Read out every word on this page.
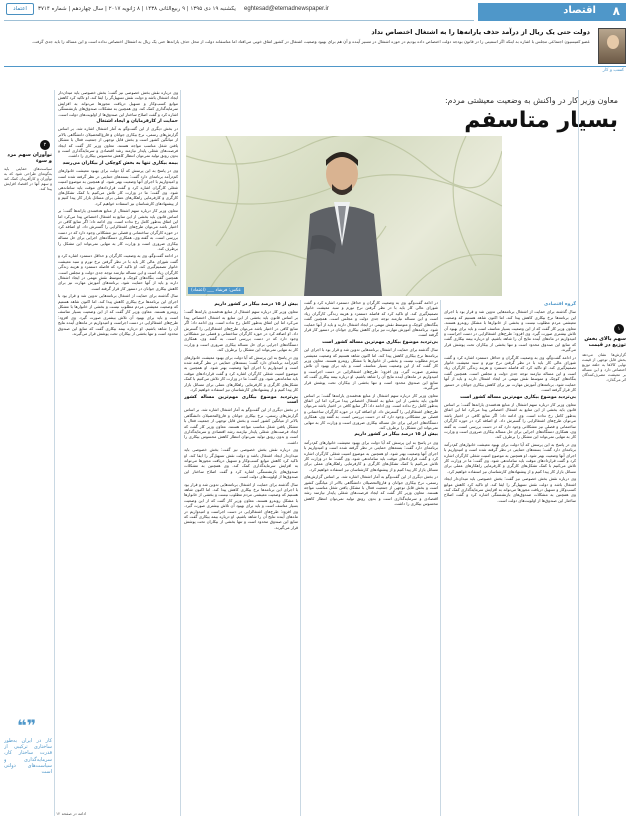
اعتماد	یکشنبه ۱۹ دی ۱۳۹۵ | ۹ ربیع‌الثانی ۱۴۳۸ | ۸ ژانویه ۲۰۱۷ | سال چهاردهم | شماره ۳۷۱۴	eghtesad@etemadnewspaper.ir	اقتصاد ۸
دولت حتی یک ریال از درآمد حذف یارانه‌ها را به اشتغال اختصاص نداد
عضو کمیسیون اجتماعی مجلس با اشاره به اینکه اگر اسمیتی را در قانون بودجه دولت اختصاص داده بودیم در حوزه اشتغال در مسیر آینده و آن هم برای بهبود وضعیت اشتغال در کشور اتفاق خوبی می‌افتاد اما متاسفانه دولت از محل حذف یارانه‌ها حتی یک ریال به اشتغال اختصاص نداده است و این مساله را باید جدی گرفت.
کسب و کار
معاون وزیر کار در واکنش به وضعیت معیشتی مردم:
بسیار متاسفم
عکس: فرشاد ___ (اعتماد)
۲
نوآوران سهم مرد و سوء
سیاست‌های حمایتی باید به‌گونه‌ای طراحی شود که به نوآوران و کارآفرینان کمک کند و سهم آنها در اقتصاد افزایش پیدا کند.
❝❞
کار در ایران به‌طور ساختاری ترکیبی از قدرت ساختار کار، سرمایه‌گذاری و سیاست‌های دولتی است

وی درباره نقش بخش خصوصی نیز گفت: بخش خصوصی باید میدان‌دار ایجاد اشتغال باشد و دولت نقش تسهیل‌گر را ایفا کند. او تاکید کرد کاهش موانع کسب‌وکار و تسهیل دریافت مجوزها می‌تواند به افزایش سرمایه‌گذاری کمک کند. وی همچنین به مشکلات صندوق‌های بازنشستگی اشاره کرد و گفت اصلاح ساختار این صندوق‌ها از اولویت‌های دولت است.

حمایت از کارفرمایان و ایجاد اشتغال

در بخش دیگری از این گفت‌وگو به آمار اشتغال اشاره شد. بر اساس گزارش‌های رسمی، نرخ بیکاری جوانان و فارغ‌التحصیلان دانشگاهی بالاتر از میانگین کشور است و بخش قابل توجهی از جمعیت فعال با مشکل یافتن شغل مناسب مواجه هستند. معاون وزیر کار گفت که ایجاد فرصت‌های شغلی پایدار نیازمند رشد اقتصادی و سرمایه‌گذاری است و بدون رونق تولید نمی‌توان انتظار کاهش محسوس بیکاری را داشت.

بیمه بیکاری تنها به بخش کوچکی از بیکاران می‌رسد

وی در پاسخ به این پرسش که آیا دولت برای بهبود معیشت خانوارهای کم‌درآمد برنامه‌ای دارد گفت: بسته‌های حمایتی در نظر گرفته شده است و امیدواریم با اجرای آنها وضعیت بهتر شود. او همچنین به موضوع امنیت شغلی کارگران اشاره کرد و گفت قراردادهای موقت باید ساماندهی شود. وی گفت: ما در وزارت کار تلاش می‌کنیم با کمک تشکل‌های کارگری و کارفرمایی راهکارهای عملی برای مسائل بازار کار پیدا کنیم و از پیشنهادهای کارشناسان نیز استفاده خواهیم کرد.

معاون وزیر کار درباره سهم اشتغال از منابع هدفمندی یارانه‌ها گفت: بر اساس قانون باید بخشی از این منابع به اشتغال اختصاص پیدا می‌کرد اما این اتفاق به‌طور کامل رخ نداده است. وی ادامه داد: اگر منابع کافی در اختیار باشد می‌توان طرح‌های اشتغالزایی را گسترش داد. او اضافه کرد در حوزه کارگران ساختمانی و فصلی نیز مشکلاتی وجود دارد که در دست بررسی است. به گفته وی، همکاری دستگاه‌های اجرایی برای حل مساله بیکاری ضروری است و وزارت کار به تنهایی نمی‌تواند این مشکل را برطرف کند.

در ادامه گفت‌وگو، وی به وضعیت کارگران و حداقل دستمزد اشاره کرد و گفت شورای عالی کار باید با در نظر گرفتن نرخ تورم و سبد معیشت خانوار تصمیم‌گیری کند. او تاکید کرد که فاصله دستمزد و هزینه زندگی کارگران زیاد است و این مساله نیازمند توجه جدی دولت و مجلس است. همچنین گفت بنگاه‌های کوچک و متوسط نقش مهمی در ایجاد اشتغال دارند و باید از آنها حمایت شود. برنامه‌های آموزش مهارت نیز برای کاهش بیکاری جوانان در دستور کار قرار گرفته است.

سال گذشته برای حمایت از اشتغال برنامه‌هایی تدوین شد و قرار بود با اجرای این برنامه‌ها نرخ بیکاری کاهش پیدا کند. اما اکنون شاهد هستیم که وضعیت معیشتی مردم مطلوب نیست و بخشی از خانوارها با مشکل روبه‌رو هستند. معاون وزیر کار گفت که از این وضعیت بسیار متاسف است و باید برای بهبود آن تلاش بیشتری صورت گیرد. وی افزود: طرح‌های اشتغالزایی در دست اجراست و امیدواریم در ماه‌های آینده نتایج آن را شاهد باشیم. او درباره بیمه بیکاری گفت که منابع این صندوق محدود است و تنها بخشی از بیکاران تحت پوشش قرار می‌گیرند.

ادامه در صفحه ۱۲
بیش از ۱۵ درصد بیکار در کشور داریم

معاون وزیر کار درباره سهم اشتغال از منابع هدفمندی یارانه‌ها گفت: بر اساس قانون باید بخشی از این منابع به اشتغال اختصاص پیدا می‌کرد اما این اتفاق به‌طور کامل رخ نداده است. وی ادامه داد: اگر منابع کافی در اختیار باشد می‌توان طرح‌های اشتغالزایی را گسترش داد. او اضافه کرد در حوزه کارگران ساختمانی و فصلی نیز مشکلاتی وجود دارد که در دست بررسی است. به گفته وی، همکاری دستگاه‌های اجرایی برای حل مساله بیکاری ضروری است و وزارت کار به تنهایی نمی‌تواند این مشکل را برطرف کند.

وی در پاسخ به این پرسش که آیا دولت برای بهبود معیشت خانوارهای کم‌درآمد برنامه‌ای دارد گفت: بسته‌های حمایتی در نظر گرفته شده است و امیدواریم با اجرای آنها وضعیت بهتر شود. او همچنین به موضوع امنیت شغلی کارگران اشاره کرد و گفت قراردادهای موقت باید ساماندهی شود. وی گفت: ما در وزارت کار تلاش می‌کنیم با کمک تشکل‌های کارگری و کارفرمایی راهکارهای عملی برای مسائل بازار کار پیدا کنیم و از پیشنهادهای کارشناسان نیز استفاده خواهیم کرد.

بی‌تردید موضوع بیکاری مهم‌ترین مساله کشور است

در بخش دیگری از این گفت‌وگو به آمار اشتغال اشاره شد. بر اساس گزارش‌های رسمی، نرخ بیکاری جوانان و فارغ‌التحصیلان دانشگاهی بالاتر از میانگین کشور است و بخش قابل توجهی از جمعیت فعال با مشکل یافتن شغل مناسب مواجه هستند. معاون وزیر کار گفت که ایجاد فرصت‌های شغلی پایدار نیازمند رشد اقتصادی و سرمایه‌گذاری است و بدون رونق تولید نمی‌توان انتظار کاهش محسوس بیکاری را داشت.

وی درباره نقش بخش خصوصی نیز گفت: بخش خصوصی باید میدان‌دار ایجاد اشتغال باشد و دولت نقش تسهیل‌گر را ایفا کند. او تاکید کرد کاهش موانع کسب‌وکار و تسهیل دریافت مجوزها می‌تواند به افزایش سرمایه‌گذاری کمک کند. وی همچنین به مشکلات صندوق‌های بازنشستگی اشاره کرد و گفت اصلاح ساختار این صندوق‌ها از اولویت‌های دولت است.

سال گذشته برای حمایت از اشتغال برنامه‌هایی تدوین شد و قرار بود با اجرای این برنامه‌ها نرخ بیکاری کاهش پیدا کند. اما اکنون شاهد هستیم که وضعیت معیشتی مردم مطلوب نیست و بخشی از خانوارها با مشکل روبه‌رو هستند. معاون وزیر کار گفت که از این وضعیت بسیار متاسف است و باید برای بهبود آن تلاش بیشتری صورت گیرد. وی افزود: طرح‌های اشتغالزایی در دست اجراست و امیدواریم در ماه‌های آینده نتایج آن را شاهد باشیم. او درباره بیمه بیکاری گفت که منابع این صندوق محدود است و تنها بخشی از بیکاران تحت پوشش قرار می‌گیرند.

در ادامه گفت‌وگو، وی به وضعیت کارگران و حداقل دستمزد اشاره کرد و گفت شورای عالی کار باید با در نظر گرفتن نرخ تورم و سبد معیشت خانوار تصمیم‌گیری کند. او تاکید کرد که فاصله دستمزد و هزینه زندگی کارگران زیاد است و این مساله نیازمند توجه جدی دولت و مجلس است. همچنین گفت بنگاه‌های کوچک و متوسط نقش مهمی در ایجاد اشتغال دارند و باید از آنها حمایت شود. برنامه‌های آموزش مهارت نیز برای کاهش بیکاری جوانان در دستور کار قرار گرفته است.

بی‌تردید موضوع بیکاری مهم‌ترین مساله کشور است

سال گذشته برای حمایت از اشتغال برنامه‌هایی تدوین شد و قرار بود با اجرای این برنامه‌ها نرخ بیکاری کاهش پیدا کند. اما اکنون شاهد هستیم که وضعیت معیشتی مردم مطلوب نیست و بخشی از خانوارها با مشکل روبه‌رو هستند. معاون وزیر کار گفت که از این وضعیت بسیار متاسف است و باید برای بهبود آن تلاش بیشتری صورت گیرد. وی افزود: طرح‌های اشتغالزایی در دست اجراست و امیدواریم در ماه‌های آینده نتایج آن را شاهد باشیم. او درباره بیمه بیکاری گفت که منابع این صندوق محدود است و تنها بخشی از بیکاران تحت پوشش قرار می‌گیرند.

معاون وزیر کار درباره سهم اشتغال از منابع هدفمندی یارانه‌ها گفت: بر اساس قانون باید بخشی از این منابع به اشتغال اختصاص پیدا می‌کرد اما این اتفاق به‌طور کامل رخ نداده است. وی ادامه داد: اگر منابع کافی در اختیار باشد می‌توان طرح‌های اشتغالزایی را گسترش داد. او اضافه کرد در حوزه کارگران ساختمانی و فصلی نیز مشکلاتی وجود دارد که در دست بررسی است. به گفته وی، همکاری دستگاه‌های اجرایی برای حل مساله بیکاری ضروری است و وزارت کار به تنهایی نمی‌تواند این مشکل را برطرف کند.

بیش از ۱۵ درصد بیکار در کشور داریم

وی در پاسخ به این پرسش که آیا دولت برای بهبود معیشت خانوارهای کم‌درآمد برنامه‌ای دارد گفت: بسته‌های حمایتی در نظر گرفته شده است و امیدواریم با اجرای آنها وضعیت بهتر شود. او همچنین به موضوع امنیت شغلی کارگران اشاره کرد و گفت قراردادهای موقت باید ساماندهی شود. وی گفت: ما در وزارت کار تلاش می‌کنیم با کمک تشکل‌های کارگری و کارفرمایی راهکارهای عملی برای مسائل بازار کار پیدا کنیم و از پیشنهادهای کارشناسان نیز استفاده خواهیم کرد.

در بخش دیگری از این گفت‌وگو به آمار اشتغال اشاره شد. بر اساس گزارش‌های رسمی، نرخ بیکاری جوانان و فارغ‌التحصیلان دانشگاهی بالاتر از میانگین کشور است و بخش قابل توجهی از جمعیت فعال با مشکل یافتن شغل مناسب مواجه هستند. معاون وزیر کار گفت که ایجاد فرصت‌های شغلی پایدار نیازمند رشد اقتصادی و سرمایه‌گذاری است و بدون رونق تولید نمی‌توان انتظار کاهش محسوس بیکاری را داشت.

گروه اقتصادی

سال گذشته برای حمایت از اشتغال برنامه‌هایی تدوین شد و قرار بود با اجرای این برنامه‌ها نرخ بیکاری کاهش پیدا کند. اما اکنون شاهد هستیم که وضعیت معیشتی مردم مطلوب نیست و بخشی از خانوارها با مشکل روبه‌رو هستند. معاون وزیر کار گفت که از این وضعیت بسیار متاسف است و باید برای بهبود آن تلاش بیشتری صورت گیرد. وی افزود: طرح‌های اشتغالزایی در دست اجراست و امیدواریم در ماه‌های آینده نتایج آن را شاهد باشیم. او درباره بیمه بیکاری گفت که منابع این صندوق محدود است و تنها بخشی از بیکاران تحت پوشش قرار می‌گیرند.

در ادامه گفت‌وگو، وی به وضعیت کارگران و حداقل دستمزد اشاره کرد و گفت شورای عالی کار باید با در نظر گرفتن نرخ تورم و سبد معیشت خانوار تصمیم‌گیری کند. او تاکید کرد که فاصله دستمزد و هزینه زندگی کارگران زیاد است و این مساله نیازمند توجه جدی دولت و مجلس است. همچنین گفت بنگاه‌های کوچک و متوسط نقش مهمی در ایجاد اشتغال دارند و باید از آنها حمایت شود. برنامه‌های آموزش مهارت نیز برای کاهش بیکاری جوانان در دستور کار قرار گرفته است.

بی‌تردید موضوع بیکاری مهم‌ترین مساله کشور است

معاون وزیر کار درباره سهم اشتغال از منابع هدفمندی یارانه‌ها گفت: بر اساس قانون باید بخشی از این منابع به اشتغال اختصاص پیدا می‌کرد اما این اتفاق به‌طور کامل رخ نداده است. وی ادامه داد: اگر منابع کافی در اختیار باشد می‌توان طرح‌های اشتغالزایی را گسترش داد. او اضافه کرد در حوزه کارگران ساختمانی و فصلی نیز مشکلاتی وجود دارد که در دست بررسی است. به گفته وی، همکاری دستگاه‌های اجرایی برای حل مساله بیکاری ضروری است و وزارت کار به تنهایی نمی‌تواند این مشکل را برطرف کند.

وی در پاسخ به این پرسش که آیا دولت برای بهبود معیشت خانوارهای کم‌درآمد برنامه‌ای دارد گفت: بسته‌های حمایتی در نظر گرفته شده است و امیدواریم با اجرای آنها وضعیت بهتر شود. او همچنین به موضوع امنیت شغلی کارگران اشاره کرد و گفت قراردادهای موقت باید ساماندهی شود. وی گفت: ما در وزارت کار تلاش می‌کنیم با کمک تشکل‌های کارگری و کارفرمایی راهکارهای عملی برای مسائل بازار کار پیدا کنیم و از پیشنهادهای کارشناسان نیز استفاده خواهیم کرد.

وی درباره نقش بخش خصوصی نیز گفت: بخش خصوصی باید میدان‌دار ایجاد اشتغال باشد و دولت نقش تسهیل‌گر را ایفا کند. او تاکید کرد کاهش موانع کسب‌وکار و تسهیل دریافت مجوزها می‌تواند به افزایش سرمایه‌گذاری کمک کند. وی همچنین به مشکلات صندوق‌های بازنشستگی اشاره کرد و گفت اصلاح ساختار این صندوق‌ها از اولویت‌های دولت است.

۱
سهم بالای بخش توزیع در قیمت
گزارش‌ها نشان می‌دهد بخش قابل توجهی از قیمت نهایی کالاها به حلقه توزیع اختصاص دارد و این مساله بر معیشت مصرف‌کنندگان اثر می‌گذارد.
